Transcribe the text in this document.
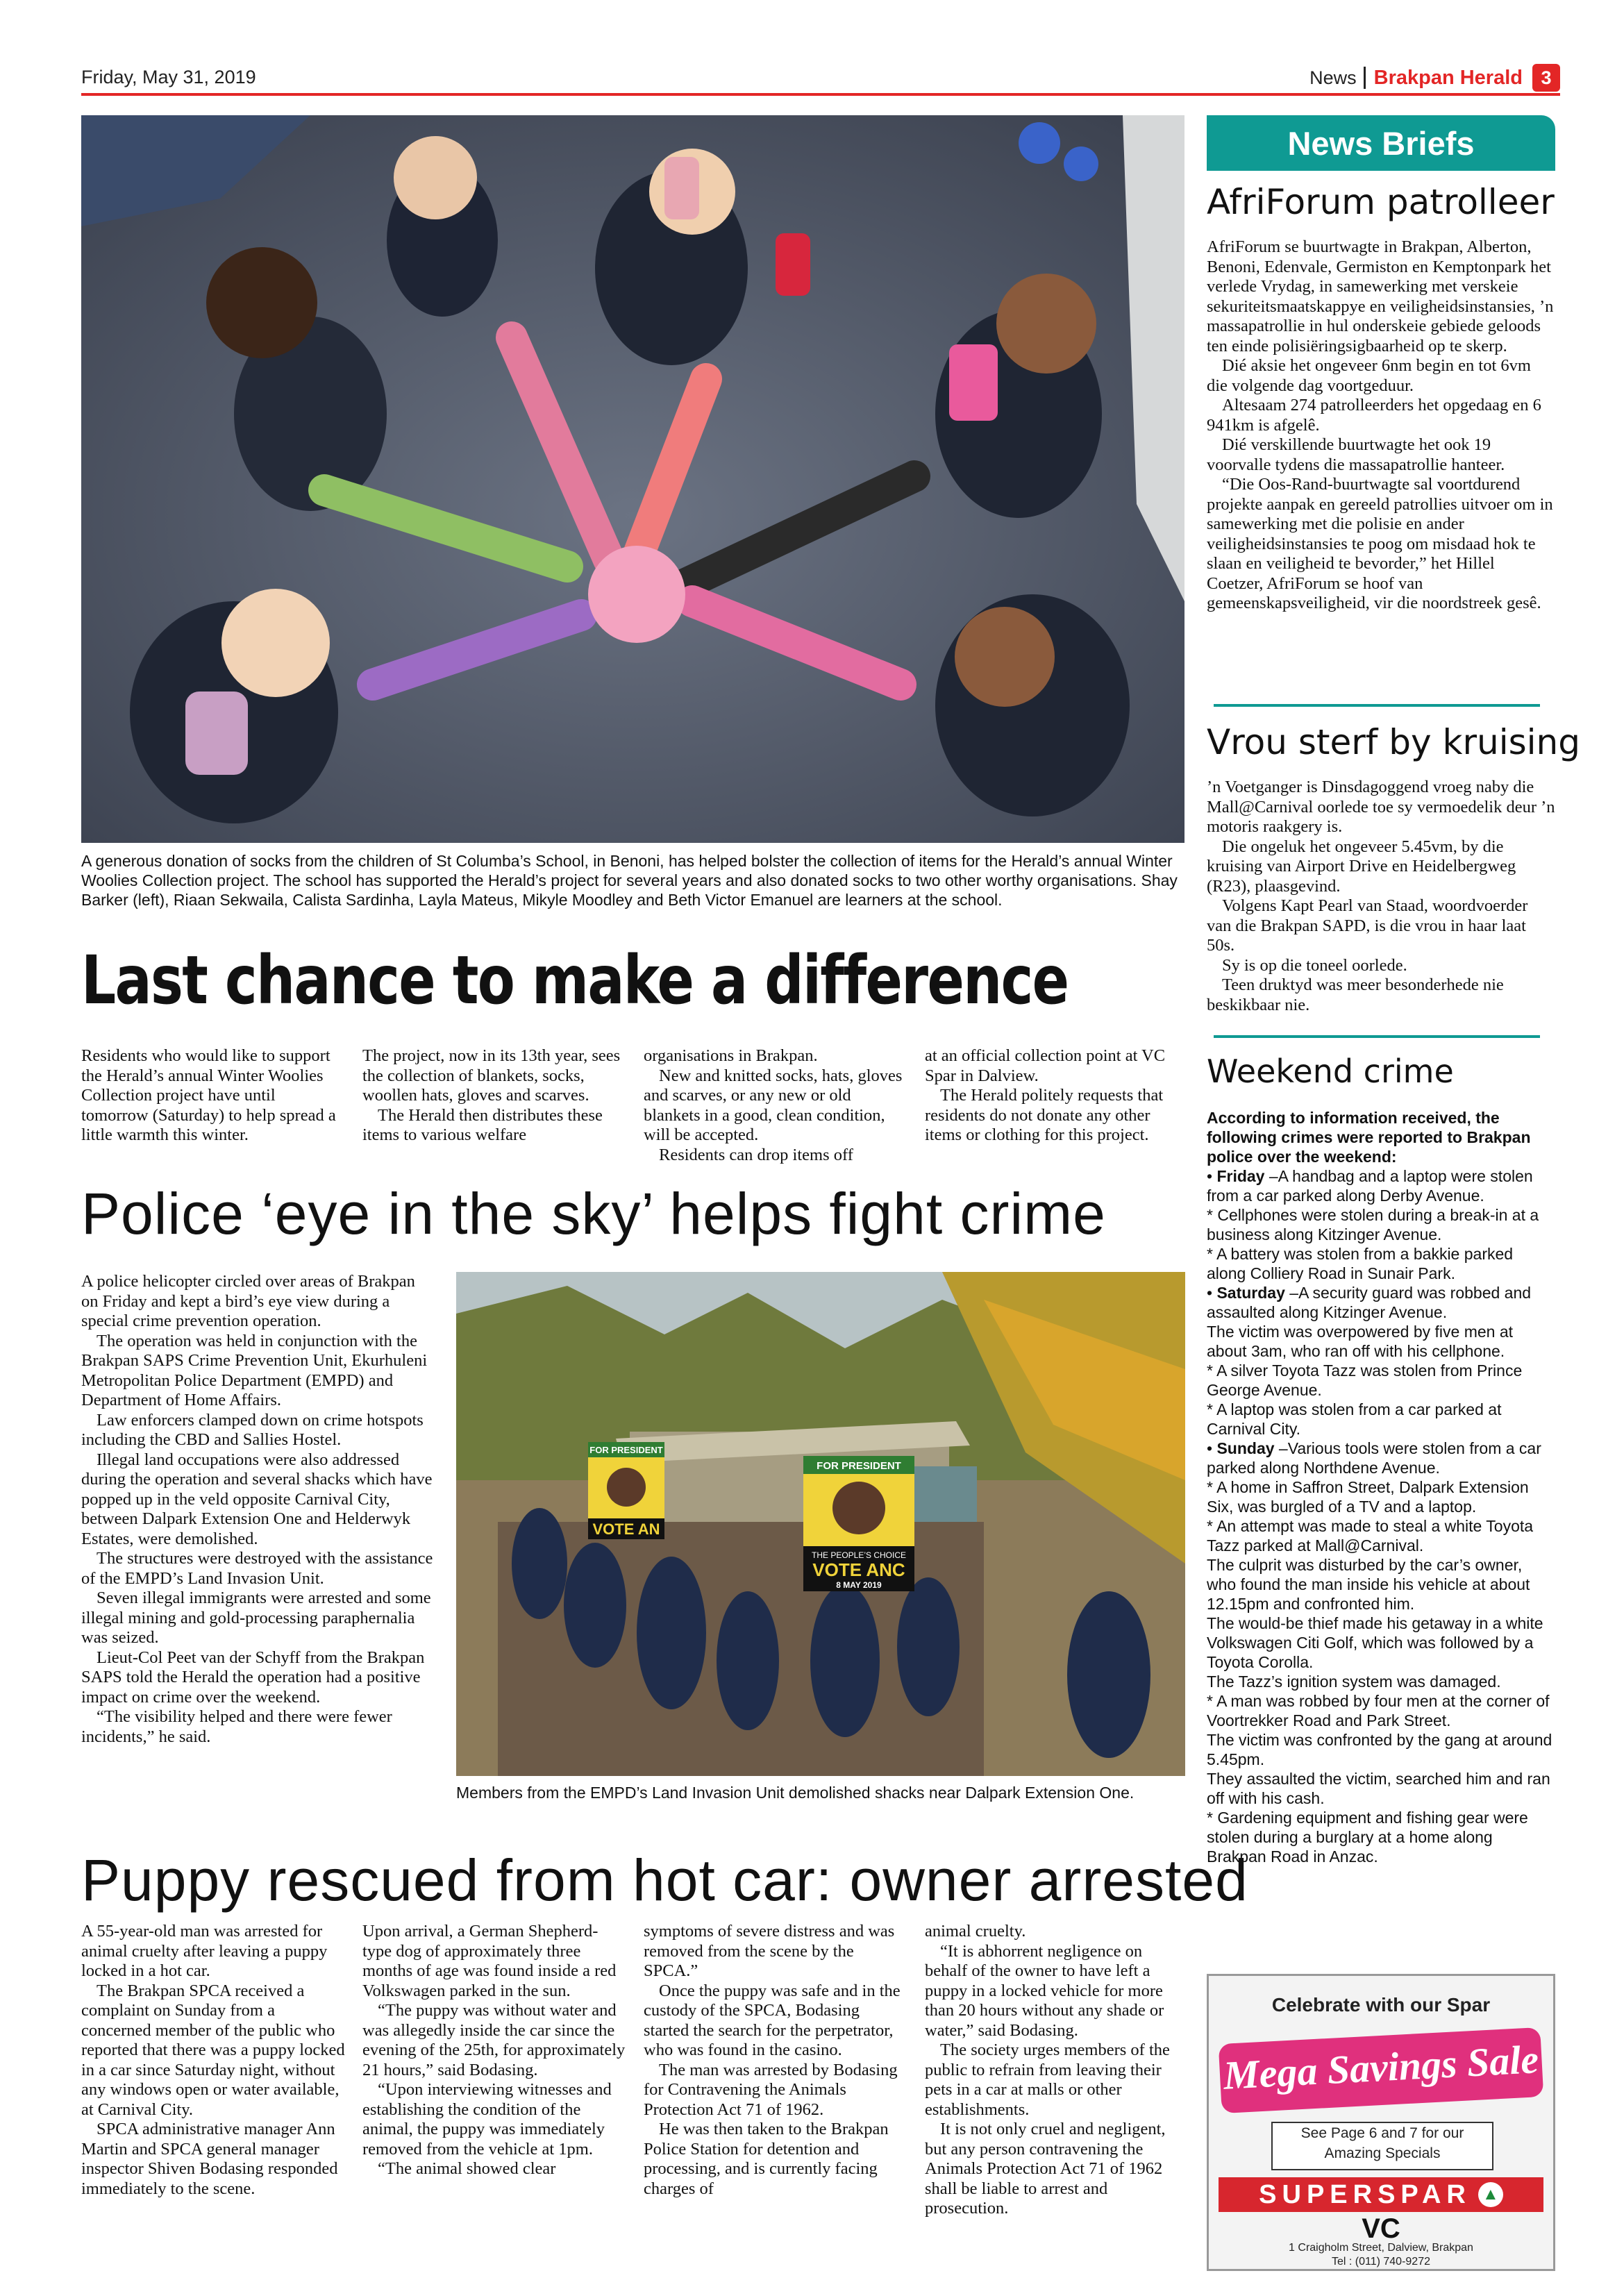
Friday, May 31, 2019	News Brakpan Herald 3
A generous donation of socks from the children of St Columba’s School, in Benoni, has helped bolster the collection of items for the Herald’s annual Winter Woolies Collection project. The school has supported the Herald’s project for several years and also donated socks to two other worthy organisations. Shay Barker (left), Riaan Sekwaila, Calista Sardinha, Layla Mateus, Mikyle Moodley and Beth Victor Emanuel are learners at the school.
Last chance to make a difference

Residents who would like to support the Herald’s annual Winter Woolies Collection project have until tomorrow (Saturday) to help spread a little warmth this winter.

The project, now in its 13th year, sees the collection of blankets, socks, woollen hats, gloves and scarves.

The Herald then distributes these items to various welfare

organisations in Brakpan.

New and knitted socks, hats, gloves and scarves, or any new or old blankets in a good, clean condition, will be accepted.

Residents can drop items off

at an official collection point at VC Spar in Dalview.

The Herald politely requests that residents do not donate any other items or clothing for this project.

Police ‘eye in the sky’ helps fight crime

A police helicopter circled over areas of Brakpan on Friday and kept a bird’s eye view during a special crime prevention operation.

The operation was held in conjunction with the Brakpan SAPS Crime Prevention Unit, Ekurhuleni Metropolitan Police Department (EMPD) and Department of Home Affairs.

Law enforcers clamped down on crime hotspots including the CBD and Sallies Hostel.

Illegal land occupations were also addressed during the operation and several shacks which have popped up in the veld opposite Carnival City, between Dalpark Extension One and Helderwyk Estates, were demolished.

The structures were destroyed with the assistance of the EMPD’s Land Invasion Unit.

Seven illegal immigrants were arrested and some illegal mining and gold-processing paraphernalia was seized.

Lieut-Col Peet van der Schyff from the Brakpan SAPS told the Herald the operation had a positive impact on crime over the weekend.

“The visibility helped and there were fewer incidents,” he said.

FOR PRESIDENT
VOTE AN
FOR PRESIDENT
THE PEOPLE’S CHOICE
VOTE ANC
8 MAY 2019
Members from the EMPD’s Land Invasion Unit demolished shacks near Dalpark Extension One.
Puppy rescued from hot car: owner arrested

A 55-year-old man was arrested for animal cruelty after leaving a puppy locked in a hot car.

The Brakpan SPCA received a complaint on Sunday from a concerned member of the public who reported that there was a puppy locked in a car since Saturday night, without any windows open or water available, at Carnival City.

SPCA administrative manager Ann Martin and SPCA general manager inspector Shiven Bodasing responded immediately to the scene.

Upon arrival, a German Shepherd-type dog of approximately three months of age was found inside a red Volkswagen parked in the sun.

“The puppy was without water and was allegedly inside the car since the evening of the 25th, for approximately 21 hours,” said Bodasing.

“Upon interviewing witnesses and establishing the condition of the animal, the puppy was immediately removed from the vehicle at 1pm.

“The animal showed clear

symptoms of severe distress and was removed from the scene by the SPCA.”

Once the puppy was safe and in the custody of the SPCA, Bodasing started the search for the perpetrator, who was found in the casino.

The man was arrested by Bodasing for Contravening the Animals Protection Act 71 of 1962.

He was then taken to the Brakpan Police Station for detention and processing, and is currently facing charges of

animal cruelty.

“It is abhorrent negligence on behalf of the owner to have left a puppy in a locked vehicle for more than 20 hours without any shade or water,” said Bodasing.

The society urges members of the public to refrain from leaving their pets in a car at malls or other establishments.

It is not only cruel and negligent, but any person contravening the Animals Protection Act 71 of 1962 shall be liable to arrest and prosecution.

News Briefs
AfriForum patrolleer

AfriForum se buurtwagte in Brakpan, Alberton, Benoni, Edenvale, Germiston en Kemptonpark het verlede Vrydag, in samewerking met verskeie sekuriteitsmaatskappye en veiligheidsinstansies, ’n massapatrollie in hul onderskeie gebiede geloods ten einde polisiëringsigbaarheid op te skerp.

Dié aksie het ongeveer 6nm begin en tot 6vm die volgende dag voortgeduur.

Altesaam 274 patrolleerders het opgedaag en 6 941km is afgelê.

Dié verskillende buurtwagte het ook 19 voorvalle tydens die massapatrollie hanteer.

“Die Oos-Rand-buurtwagte sal voortdurend projekte aanpak en gereeld patrollies uitvoer om in samewerking met die polisie en ander veiligheidsinstansies te poog om misdaad hok te slaan en veiligheid te bevorder,” het Hillel Coetzer, AfriForum se hoof van gemeenskapsveiligheid, vir die noordstreek gesê.

Vrou sterf by kruising

’n Voetganger is Dinsdagoggend vroeg naby die Mall@Carnival oorlede toe sy vermoedelik deur ’n motoris raakgery is.

Die ongeluk het ongeveer 5.45vm, by die kruising van Airport Drive en Heidelbergweg (R23), plaasgevind.

Volgens Kapt Pearl van Staad, woordvoerder van die Brakpan SAPD, is die vrou in haar laat 50s.

Sy is op die toneel oorlede.

Teen druktyd was meer besonderhede nie beskikbaar nie.

Weekend crime

According to information received, the following crimes were reported to Brakpan police over the weekend:

• Friday –A handbag and a laptop were stolen from a car parked along Derby Avenue.

* Cellphones were stolen during a break-in at a business along Kitzinger Avenue.

* A battery was stolen from a bakkie parked along Colliery Road in Sunair Park.

• Saturday –A security guard was robbed and assaulted along Kitzinger Avenue.

The victim was overpowered by five men at about 3am, who ran off with his cellphone.

* A silver Toyota Tazz was stolen from Prince George Avenue.

* A laptop was stolen from a car parked at Carnival City.

• Sunday –Various tools were stolen from a car parked along Northdene Avenue.

* A home in Saffron Street, Dalpark Extension Six, was burgled of a TV and a laptop.

* An attempt was made to steal a white Toyota Tazz parked at Mall@Carnival.

The culprit was disturbed by the car’s owner, who found the man inside his vehicle at about 12.15pm and confronted him.

The would-be thief made his getaway in a white Volkswagen Citi Golf, which was followed by a Toyota Corolla.

The Tazz’s ignition system was damaged.

* A man was robbed by four men at the corner of Voortrekker Road and Park Street.

The victim was confronted by the gang at around 5.45pm.

They assaulted the victim, searched him and ran off with his cash.

* Gardening equipment and fishing gear were stolen during a burglary at a home along Brakpan Road in Anzac.

Celebrate with our Spar
Mega Savings Sale
See Page 6 and 7 for our
Amazing Specials
SUPERSPAR ▲
VC
1 Craigholm Street, Dalview, Brakpan
Tel : (011) 740-9272
